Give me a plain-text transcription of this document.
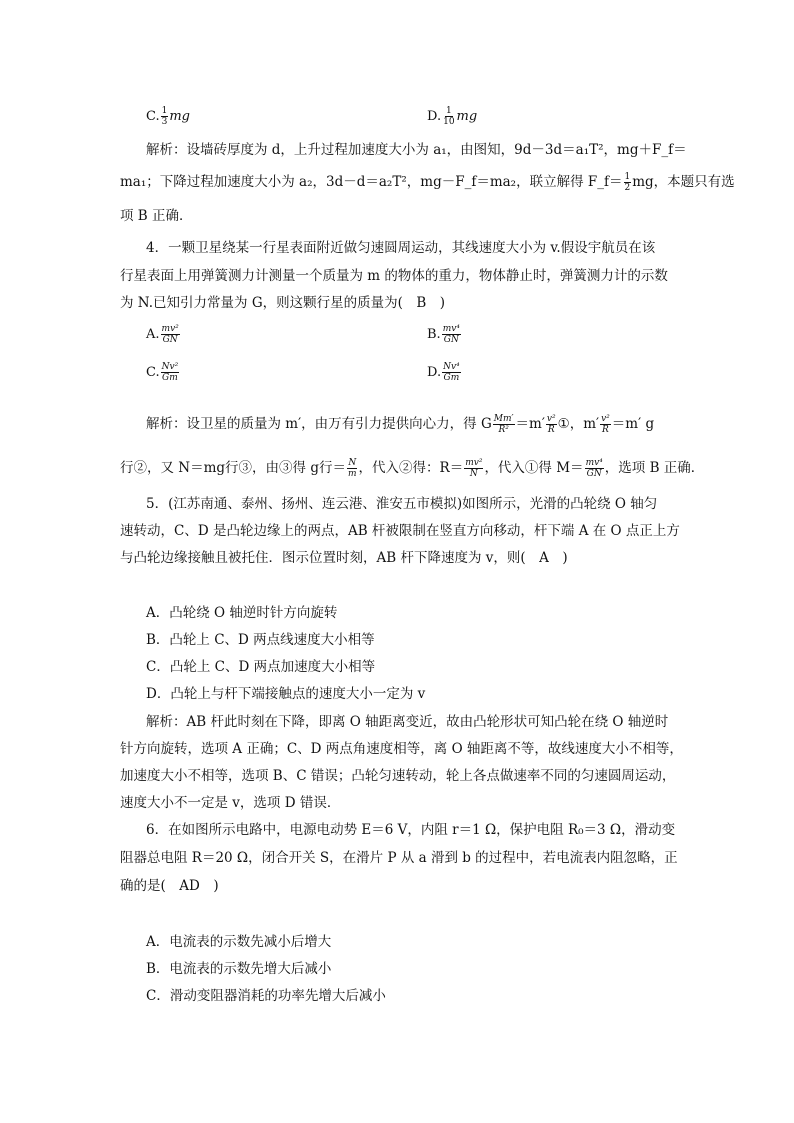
C. $\frac{1}{3}$ mg	D. $\frac{1}{10}$ mg
解析：设墙砖厚度为 d，上升过程加速度大小为 a₁，由图知，9d－3d＝a₁T²，mg＋F_f＝
ma₁；下降过程加速度大小为 a₂，3d－d＝a₂T²，mg－F_f＝ma₂，联立解得 F_f＝ $\frac{1}{2}$ mg，本题只有选
项 B 正确．
4．一颗卫星绕某一行星表面附近做匀速圆周运动，其线速度大小为 v.假设宇航员在该
行星表面上用弹簧测力计测量一个质量为 m 的物体的重力，物体静止时，弹簧测力计的示数
为 N.已知引力常量为 G，则这颗行星的质量为(　B　)
A. $\frac{\text{mv²}}{GN}$	B. $\frac{\text{mv⁴}}{GN}$
C. $\frac{\text{Nv²}}{Gm}$	D. $\frac{\text{Nv⁴}}{Gm}$
解析：设卫星的质量为 m′，由万有引力提供向心力，得 G $\frac{Mm'}{\text{R²}} =m' \frac{\text{v²}}{R}$ ①，$m' \frac{\text{v²}}{R} =m'$ g
行②，又 N＝mg行③，由③得 g行＝ $\frac{N}{m}$ ，代入②得：$R= \frac{\text{mv²}}{N}$ ，代入①得 $M= \frac{\text{mv⁴}}{GN}$ ，选项 B 正确．
5．(江苏南通、泰州、扬州、连云港、淮安五市模拟)如图所示，光滑的凸轮绕 O 轴匀
速转动，C、D 是凸轮边缘上的两点，AB 杆被限制在竖直方向移动，杆下端 A 在 O 点正上方
与凸轮边缘接触且被托住．图示位置时刻，AB 杆下降速度为 v，则(　A　)
A．凸轮绕 O 轴逆时针方向旋转
B．凸轮上 C、D 两点线速度大小相等
C．凸轮上 C、D 两点加速度大小相等
D．凸轮上与杆下端接触点的速度大小一定为 v
解析：AB 杆此时刻在下降，即离 O 轴距离变近，故由凸轮形状可知凸轮在绕 O 轴逆时
针方向旋转，选项 A 正确；C、D 两点角速度相等，离 O 轴距离不等，故线速度大小不相等，
加速度大小不相等，选项 B、C 错误；凸轮匀速转动，轮上各点做速率不同的匀速圆周运动，
速度大小不一定是 v，选项 D 错误．
6．在如图所示电路中，电源电动势 E＝6 V，内阻 r＝1 Ω，保护电阻 R₀＝3 Ω，滑动变
阻器总电阻 R＝20 Ω，闭合开关 S，在滑片 P 从 a 滑到 b 的过程中，若电流表内阻忽略，正
确的是(　AD　)
A．电流表的示数先减小后增大
B．电流表的示数先增大后减小
C．滑动变阻器消耗的功率先增大后减小
